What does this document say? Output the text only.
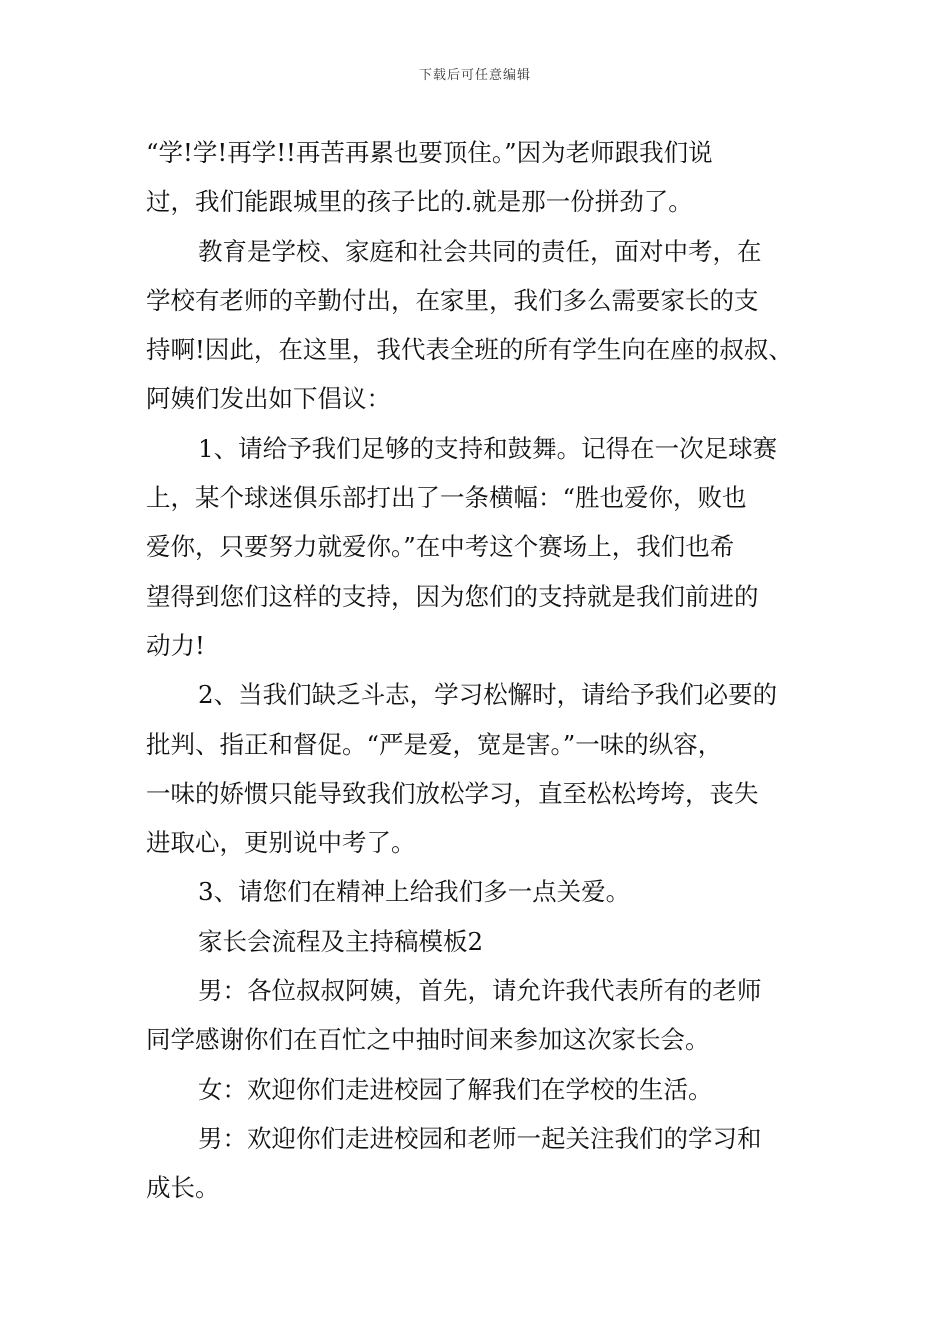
下载后可任意编辑
“学!学!再学!!再苦再累也要顶住。”因为老师跟我们说
过，我们能跟城里的孩子比的.就是那一份拼劲了。
教育是学校、家庭和社会共同的责任，面对中考，在
学校有老师的辛勤付出，在家里，我们多么需要家长的支
持啊!因此，在这里，我代表全班的所有学生向在座的叔叔、
阿姨们发出如下倡议：
1、请给予我们足够的支持和鼓舞。记得在一次足球赛
上，某个球迷俱乐部打出了一条横幅：“胜也爱你，败也
爱你，只要努力就爱你。”在中考这个赛场上，我们也希
望得到您们这样的支持，因为您们的支持就是我们前进的
动力!
2、当我们缺乏斗志，学习松懈时，请给予我们必要的
批判、指正和督促。“严是爱，宽是害。”一味的纵容，
一味的娇惯只能导致我们放松学习，直至松松垮垮，丧失
进取心，更别说中考了。
3、请您们在精神上给我们多一点关爱。
家长会流程及主持稿模板2
男：各位叔叔阿姨，首先，请允许我代表所有的老师
同学感谢你们在百忙之中抽时间来参加这次家长会。
女：欢迎你们走进校园了解我们在学校的生活。
男：欢迎你们走进校园和老师一起关注我们的学习和
成长。
